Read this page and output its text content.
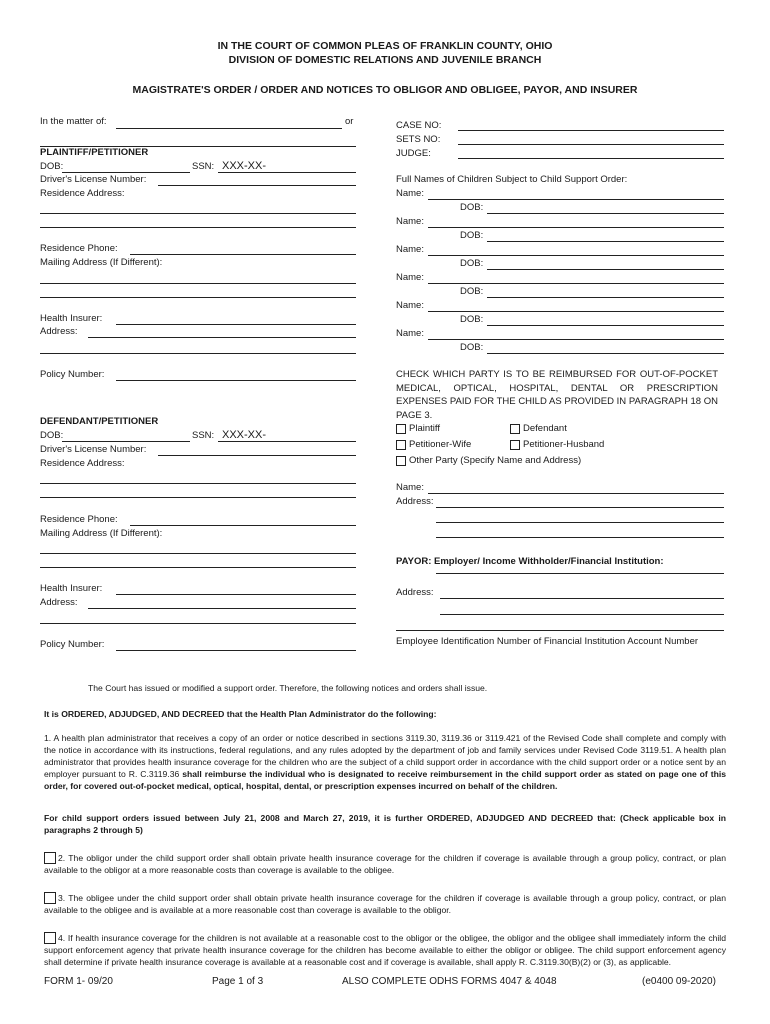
IN THE COURT OF COMMON PLEAS OF FRANKLIN COUNTY, OHIO
DIVISION OF DOMESTIC RELATIONS AND JUVENILE BRANCH
MAGISTRATE'S ORDER / ORDER AND NOTICES TO OBLIGOR AND OBLIGEE, PAYOR, AND INSURER
In the matter of:	or	CASE NO:
SETS NO:
JUDGE:
PLAINTIFF/PETITIONER
DOB:	SSN: XXX-XX-
Driver's License Number:
Residence Address:
Residence Phone:
Mailing Address (If Different):
Health Insurer:
Address:
Policy Number:
Full Names of Children Subject to Child Support Order:
Name:
DOB:
Name:
DOB:
Name:
DOB:
Name:
DOB:
Name:
DOB:
Name:
DOB:
CHECK WHICH PARTY IS TO BE REIMBURSED FOR OUT-OF-POCKET MEDICAL, OPTICAL, HOSPITAL, DENTAL OR PRESCRIPTION EXPENSES PAID FOR THE CHILD AS PROVIDED IN PARAGRAPH 18 ON PAGE 3.
Plaintiff	Defendant
Petitioner-Wife	Petitioner-Husband
Other Party (Specify Name and Address)
Name:
Address:
DEFENDANT/PETITIONER
DOB:	SSN: XXX-XX-
Driver's License Number:
Residence Address:
Residence Phone:
Mailing Address (If Different):
Health Insurer:
Address:
Policy Number:
PAYOR: Employer/ Income Withholder/Financial Institution:
Address:
Employee Identification Number of Financial Institution Account Number
The Court has issued or modified a support order. Therefore, the following notices and orders shall issue.
It is ORDERED, ADJUDGED, AND DECREED that the Health Plan Administrator do the following:
1. A health plan administrator that receives a copy of an order or notice described in sections 3119.30, 3119.36 or 3119.421 of the Revised Code shall complete and comply with the notice in accordance with its instructions, federal regulations, and any rules adopted by the department of job and family services under Revised Code 3119.51. A health plan administrator that provides health insurance coverage for the children who are the subject of a child support order in accordance with the child support order or a notice sent by an employer pursuant to R. C.3119.36 shall reimburse the individual who is designated to receive reimbursement in the child support order as stated on page one of this order, for covered out-of-pocket medical, optical, hospital, dental, or prescription expenses incurred on behalf of the children.
For child support orders issued between July 21, 2008 and March 27, 2019, it is further ORDERED, ADJUDGED AND DECREED that: (Check applicable box in paragraphs 2 through 5)
2. The obligor under the child support order shall obtain private health insurance coverage for the children if coverage is available through a group policy, contract, or plan available to the obligor at a more reasonable costs than coverage is available to the obligee.
3. The obligee under the child support order shall obtain private health insurance coverage for the children if coverage is available through a group policy, contract, or plan available to the obligee and is available at a more reasonable cost than coverage is available to the obligor.
4. If health insurance coverage for the children is not available at a reasonable cost to the obligor or the obligee, the obligor and the obligee shall immediately inform the child support enforcement agency that private health insurance coverage for the children has become available to either the obligor or obligee. The child support enforcement agency shall determine if private health insurance coverage is available at a reasonable cost and if coverage is available, shall apply R. C.3119.30(B)(2) or (3), as applicable.
FORM 1- 09/20	Page 1 of 3	ALSO COMPLETE ODHS FORMS 4047 & 4048	(e0400 09-2020)
